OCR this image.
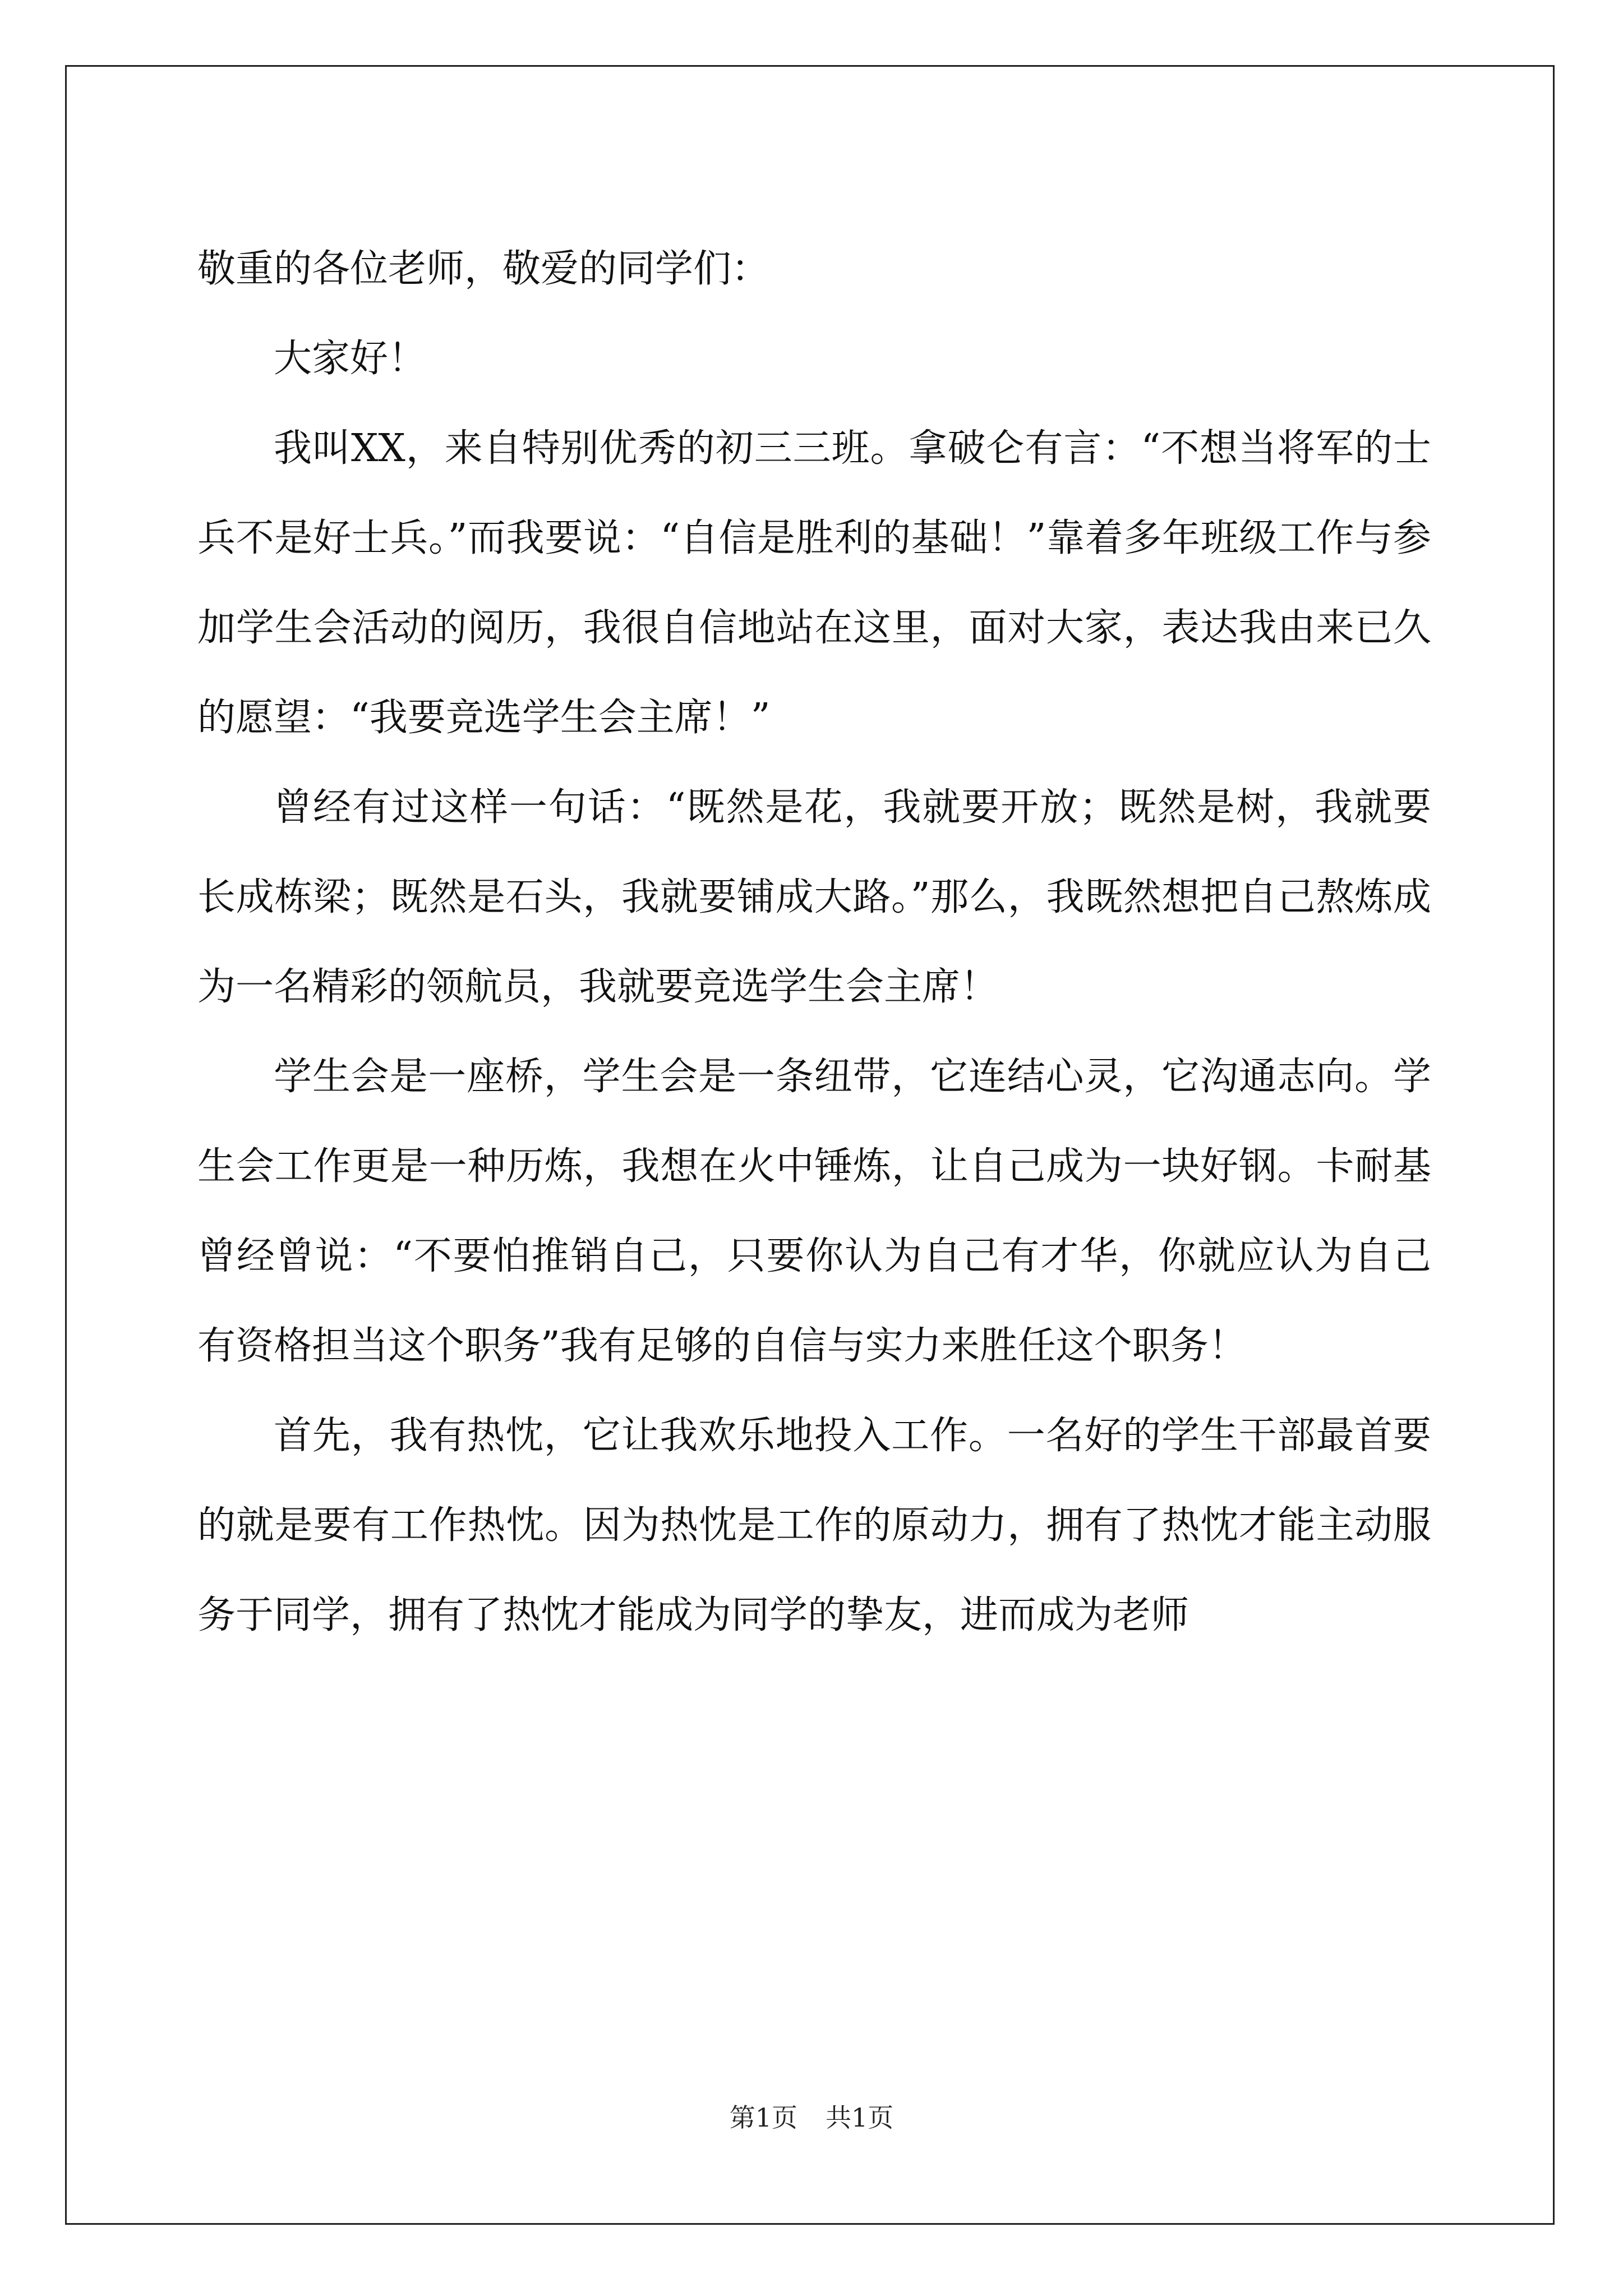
敬重的各位老师，敬爱的同学们：

大家好！

我叫XX，来自特别优秀的初三三班。拿破仑有言：“不想当将军的士兵不是好士兵。”而我要说：“自信是胜利的基础！”靠着多年班级工作与参加学生会活动的阅历，我很自信地站在这里，面对大家，表达我由来已久的愿望：“我要竞选学生会主席！”

曾经有过这样一句话：“既然是花，我就要开放；既然是树，我就要长成栋梁；既然是石头，我就要铺成大路。”那么，我既然想把自己熬炼成为一名精彩的领航员，我就要竞选学生会主席！

学生会是一座桥，学生会是一条纽带，它连结心灵，它沟通志向。学生会工作更是一种历炼，我想在火中锤炼，让自己成为一块好钢。卡耐基曾经曾说：“不要怕推销自己，只要你认为自己有才华，你就应认为自己有资格担当这个职务”我有足够的自信与实力来胜任这个职务！

首先，我有热忱，它让我欢乐地投入工作。一名好的学生干部最首要的就是要有工作热忱。因为热忱是工作的原动力，拥有了热忱才能主动服务于同学，拥有了热忱才能成为同学的挚友，进而成为老师

第1页 共1页
